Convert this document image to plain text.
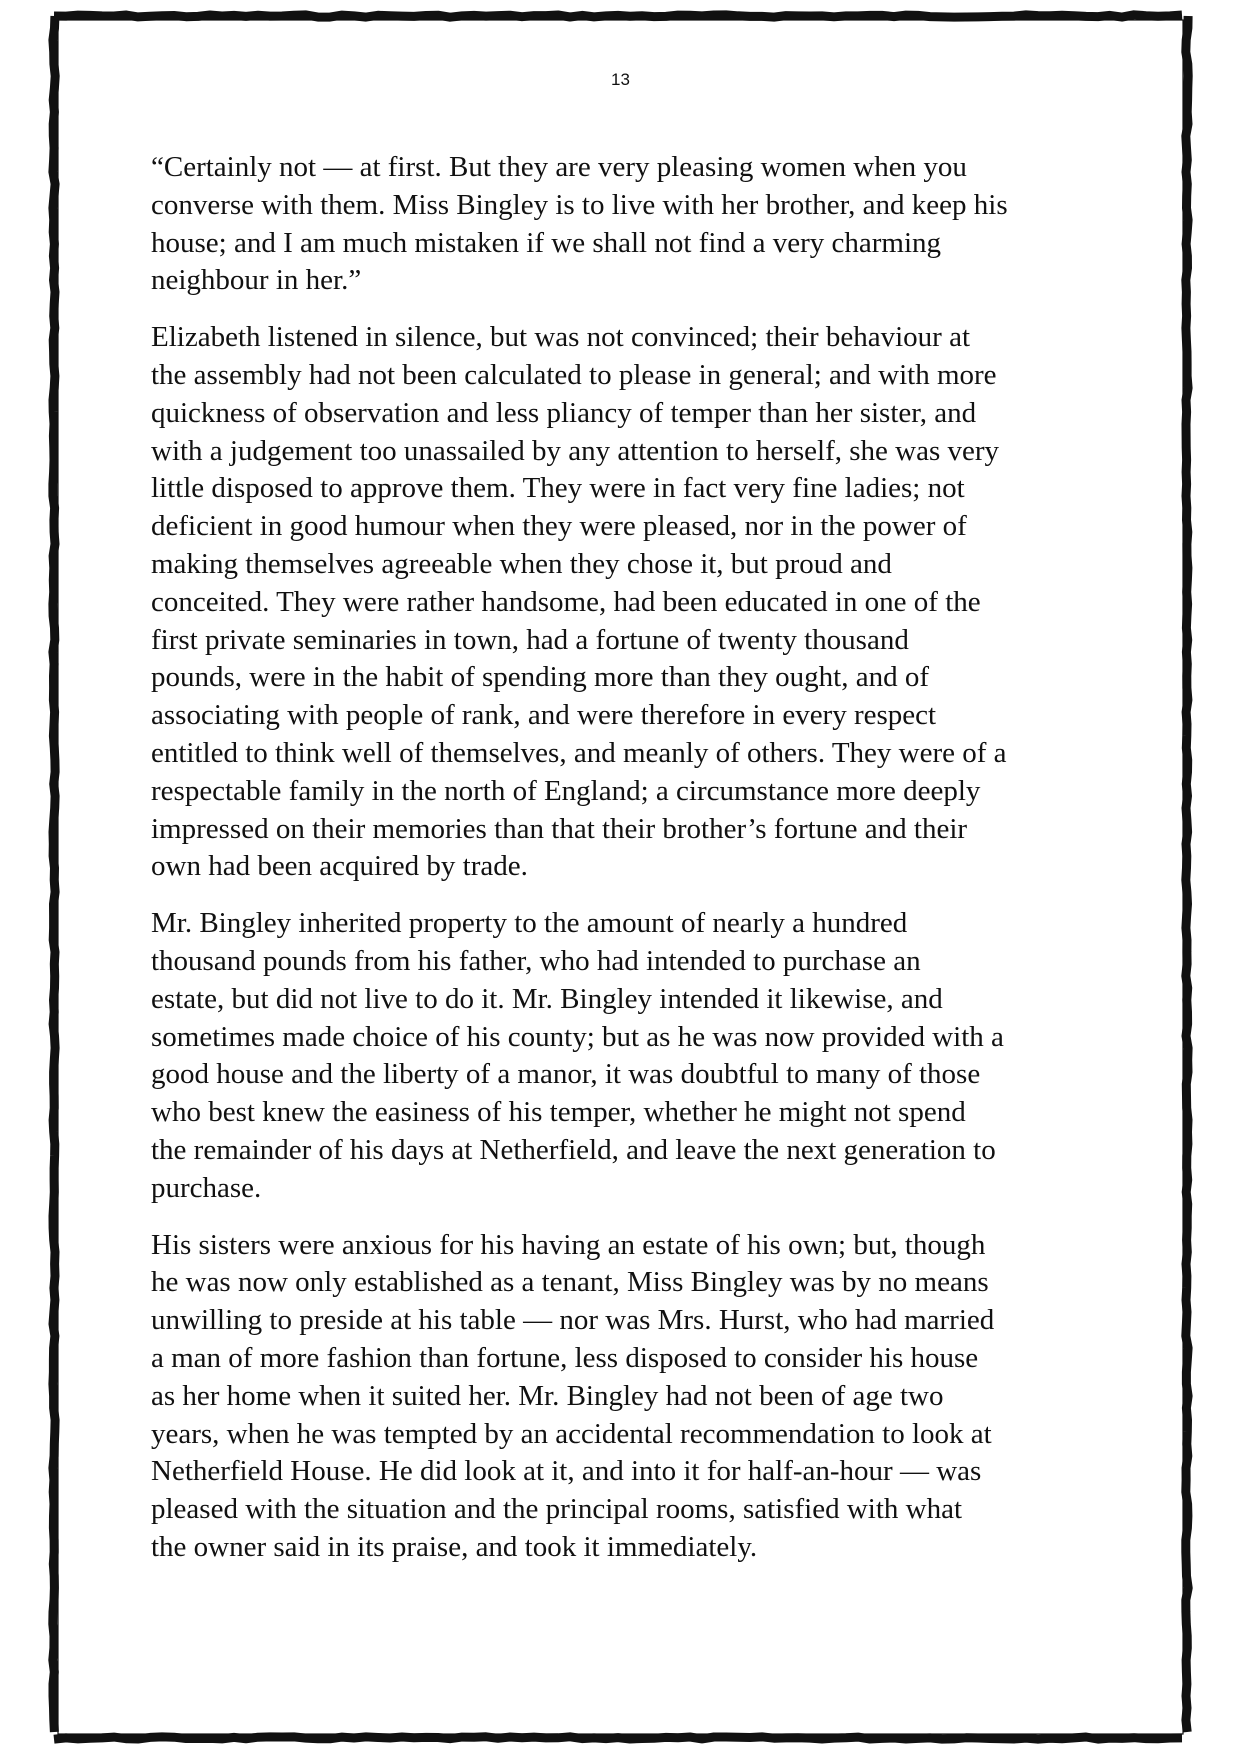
13

“Certainly not — at first. But they are very pleasing women when you
converse with them. Miss Bingley is to live with her brother, and keep his
house; and I am much mistaken if we shall not find a very charming
neighbour in her.”

Elizabeth listened in silence, but was not convinced; their behaviour at
the assembly had not been calculated to please in general; and with more
quickness of observation and less pliancy of temper than her sister, and
with a judgement too unassailed by any attention to herself, she was very
little disposed to approve them. They were in fact very fine ladies; not
deficient in good humour when they were pleased, nor in the power of
making themselves agreeable when they chose it, but proud and
conceited. They were rather handsome, had been educated in one of the
first private seminaries in town, had a fortune of twenty thousand
pounds, were in the habit of spending more than they ought, and of
associating with people of rank, and were therefore in every respect
entitled to think well of themselves, and meanly of others. They were of a
respectable family in the north of England; a circumstance more deeply
impressed on their memories than that their brother’s fortune and their
own had been acquired by trade.

Mr. Bingley inherited property to the amount of nearly a hundred
thousand pounds from his father, who had intended to purchase an
estate, but did not live to do it. Mr. Bingley intended it likewise, and
sometimes made choice of his county; but as he was now provided with a
good house and the liberty of a manor, it was doubtful to many of those
who best knew the easiness of his temper, whether he might not spend
the remainder of his days at Netherfield, and leave the next generation to
purchase.

His sisters were anxious for his having an estate of his own; but, though
he was now only established as a tenant, Miss Bingley was by no means
unwilling to preside at his table — nor was Mrs. Hurst, who had married
a man of more fashion than fortune, less disposed to consider his house
as her home when it suited her. Mr. Bingley had not been of age two
years, when he was tempted by an accidental recommendation to look at
Netherfield House. He did look at it, and into it for half-an-hour — was
pleased with the situation and the principal rooms, satisfied with what
the owner said in its praise, and took it immediately.
